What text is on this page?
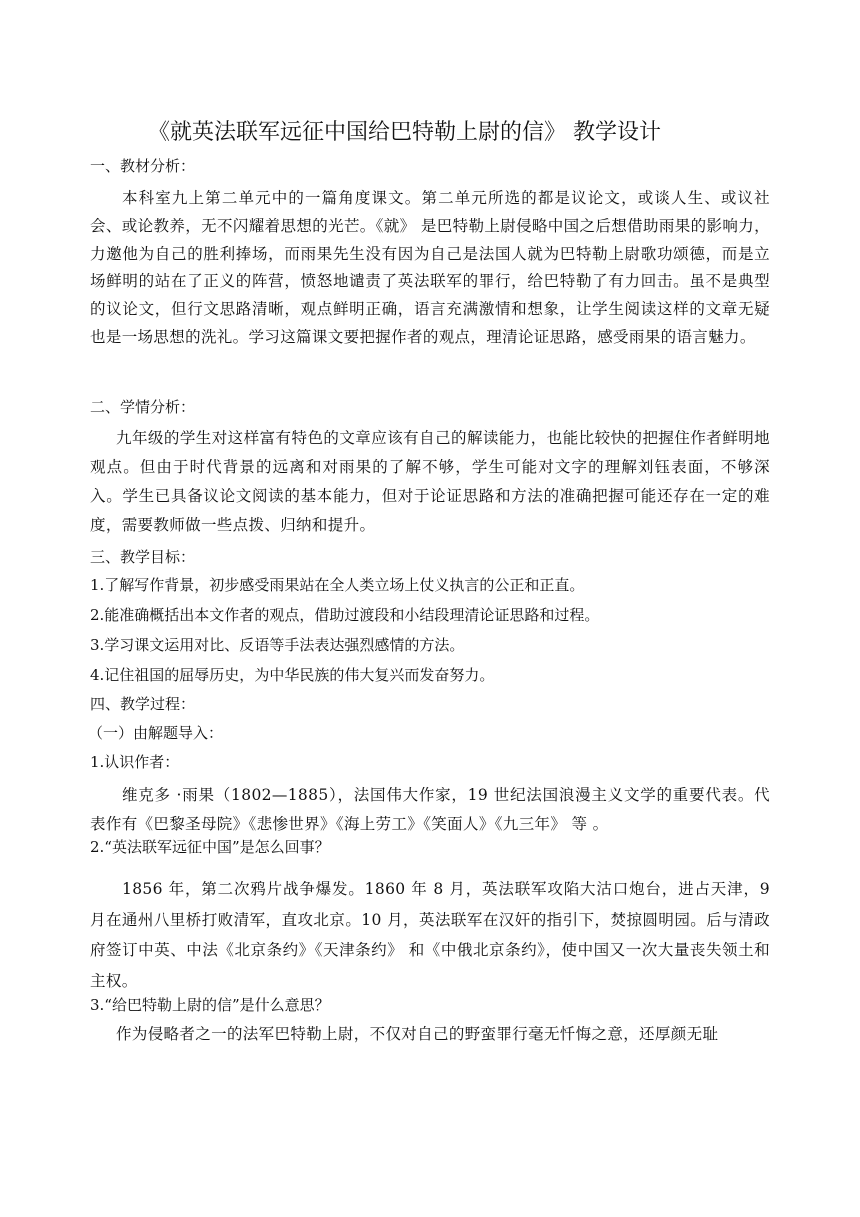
《就英法联军远征中国给巴特勒上尉的信》 教学设计
一、教材分析：
本科室九上第二单元中的一篇角度课文。第二单元所选的都是议论文，或谈人生、或议社会、或论教养，无不闪耀着思想的光芒。《就》 是巴特勒上尉侵略中国之后想借助雨果的影响力，力邀他为自己的胜利捧场，而雨果先生没有因为自己是法国人就为巴特勒上尉歌功颂德，而是立场鲜明的站在了正义的阵营，愤怒地谴责了英法联军的罪行，给巴特勒了有力回击。虽不是典型的议论文，但行文思路清晰，观点鲜明正确，语言充满激情和想象，让学生阅读这样的文章无疑也是一场思想的洗礼。学习这篇课文要把握作者的观点，理清论证思路，感受雨果的语言魅力。
二、学情分析：
九年级的学生对这样富有特色的文章应该有自己的解读能力，也能比较快的把握住作者鲜明地观点。但由于时代背景的远离和对雨果的了解不够，学生可能对文字的理解刘钰表面，不够深入。学生已具备议论文阅读的基本能力，但对于论证思路和方法的准确把握可能还存在一定的难度，需要教师做一些点拨、归纳和提升。
三、教学目标：
1.了解写作背景，初步感受雨果站在全人类立场上仗义执言的公正和正直。
2.能准确概括出本文作者的观点，借助过渡段和小结段理清论证思路和过程。
3.学习课文运用对比、反语等手法表达强烈感情的方法。
4.记住祖国的屈辱历史，为中华民族的伟大复兴而发奋努力。
四、教学过程：
（一）由解题导入：
1.认识作者：
维克多 ·雨果（1802—1885），法国伟大作家，19 世纪法国浪漫主义文学的重要代表。代表作有《巴黎圣母院》《悲惨世界》《海上劳工》《笑面人》《九三年》 等 。
2.“英法联军远征中国”是怎么回事？
1856 年，第二次鸦片战争爆发。1860 年 8 月，英法联军攻陷大沽口炮台，进占天津，9 月在通州八里桥打败清军，直攻北京。10 月，英法联军在汉奸的指引下，焚掠圆明园。后与清政府签订中英、中法《北京条约》《天津条约》 和《中俄北京条约》，使中国又一次大量丧失领土和主权。
3.“给巴特勒上尉的信”是什么意思？
作为侵略者之一的法军巴特勒上尉，不仅对自己的野蛮罪行毫无忏悔之意，还厚颜无耻
